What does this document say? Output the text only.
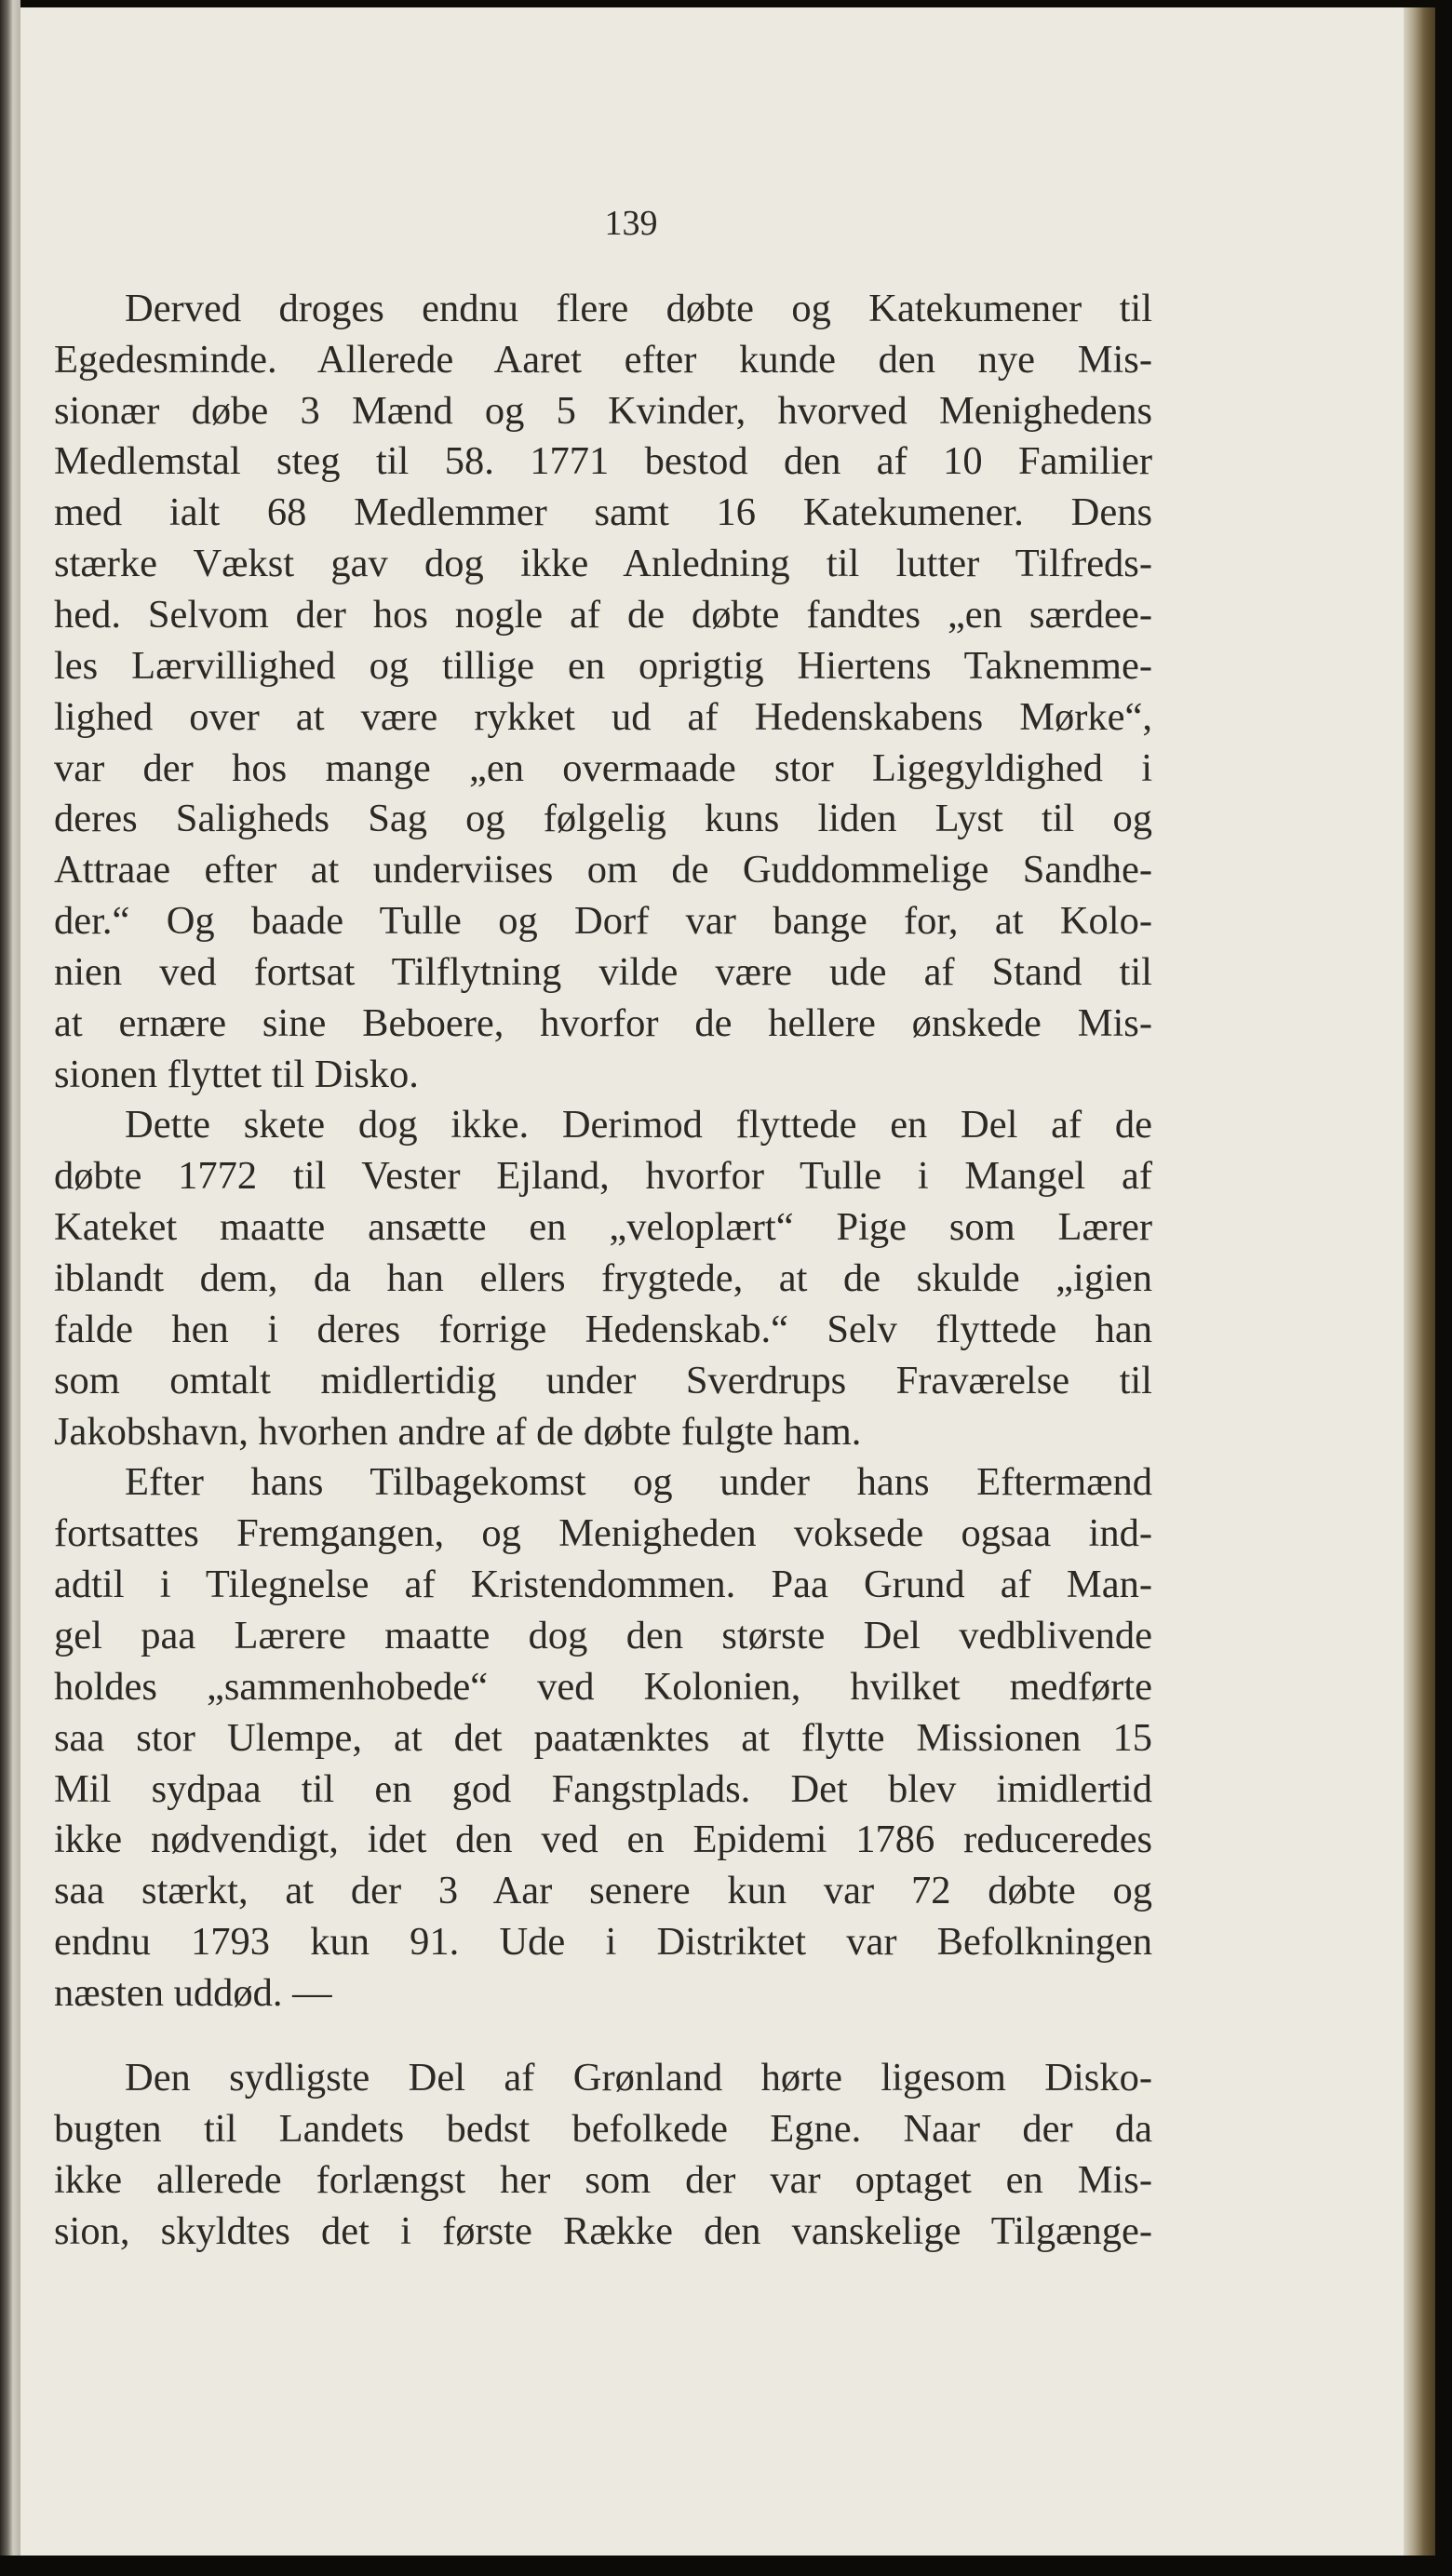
139
Derved droges endnu flere døbte og Katekumener til
Egedesminde. Allerede Aaret efter kunde den nye Mis-
sionær døbe 3 Mænd og 5 Kvinder, hvorved Menighedens
Medlemstal steg til 58. 1771 bestod den af 10 Familier
med ialt 68 Medlemmer samt 16 Katekumener. Dens
stærke Vækst gav dog ikke Anledning til lutter Tilfreds-
hed. Selvom der hos nogle af de døbte fandtes „en særdee-
les Lærvillighed og tillige en oprigtig Hiertens Taknemme-
lighed over at være rykket ud af Hedenskabens Mørke“,
var der hos mange „en overmaade stor Ligegyldighed i
deres Saligheds Sag og følgelig kuns liden Lyst til og
Attraae efter at underviises om de Guddommelige Sandhe-
der.“ Og baade Tulle og Dorf var bange for, at Kolo-
nien ved fortsat Tilflytning vilde være ude af Stand til
at ernære sine Beboere, hvorfor de hellere ønskede Mis-
sionen flyttet til Disko.
Dette skete dog ikke. Derimod flyttede en Del af de
døbte 1772 til Vester Ejland, hvorfor Tulle i Mangel af
Kateket maatte ansætte en „veloplært“ Pige som Lærer
iblandt dem, da han ellers frygtede, at de skulde „igien
falde hen i deres forrige Hedenskab.“ Selv flyttede han
som omtalt midlertidig under Sverdrups Fraværelse til
Jakobshavn, hvorhen andre af de døbte fulgte ham.
Efter hans Tilbagekomst og under hans Eftermænd
fortsattes Fremgangen, og Menigheden voksede ogsaa ind-
adtil i Tilegnelse af Kristendommen. Paa Grund af Man-
gel paa Lærere maatte dog den største Del vedblivende
holdes „sammenhobede“ ved Kolonien, hvilket medførte
saa stor Ulempe, at det paatænktes at flytte Missionen 15
Mil sydpaa til en god Fangstplads. Det blev imidlertid
ikke nødvendigt, idet den ved en Epidemi 1786 reduceredes
saa stærkt, at der 3 Aar senere kun var 72 døbte og
endnu 1793 kun 91. Ude i Distriktet var Befolkningen
næsten uddød. —
Den sydligste Del af Grønland hørte ligesom Disko-
bugten til Landets bedst befolkede Egne. Naar der da
ikke allerede forlængst her som der var optaget en Mis-
sion, skyldtes det i første Række den vanskelige Tilgænge-
